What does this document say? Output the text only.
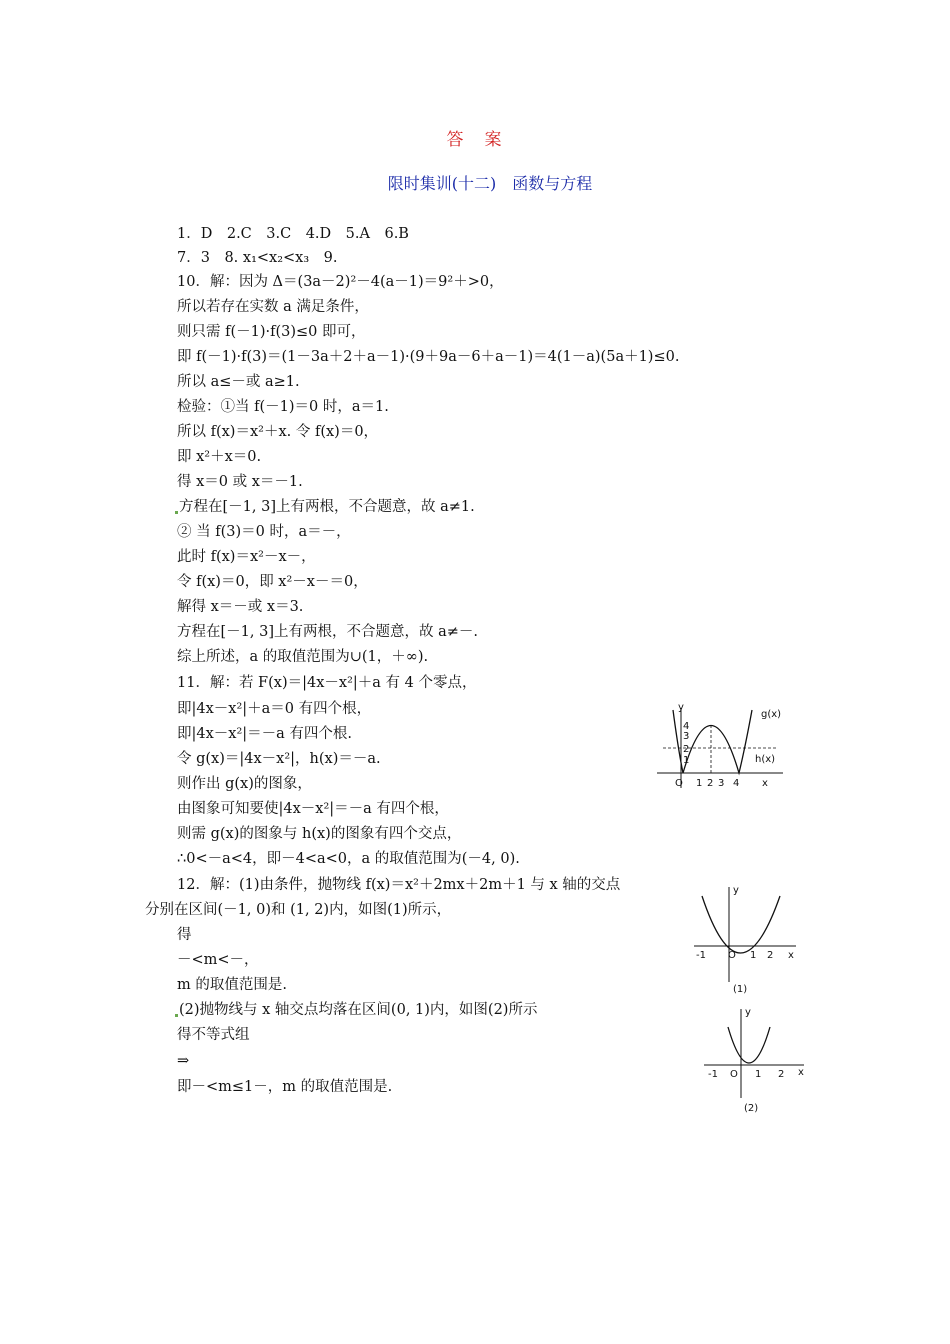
答　案
限时集训(十二)　函数与方程
1．D　2.C　3.C　4.D　5.A　6.B
7．3　8. x₁<x₂<x₃　9.
10．解：因为 Δ＝(3a－2)²－4(a－1)＝9²＋>0，
所以若存在实数 a 满足条件，
则只需 f(－1)·f(3)≤0 即可，
即 f(－1)·f(3)＝(1－3a＋2＋a－1)·(9＋9a－6＋a－1)＝4(1－a)(5a＋1)≤0.
所以 a≤－或 a≥1.
检验：①当 f(－1)＝0 时，a＝1.
所以 f(x)＝x²＋x. 令 f(x)＝0，
即 x²＋x＝0.
得 x＝0 或 x＝－1.
方程在[－1, 3]上有两根，不合题意，故 a≠1.
② 当 f(3)＝0 时，a＝－，
此时 f(x)＝x²－x－，
令 f(x)＝0，即 x²－x－＝0，
解得 x＝－或 x＝3.
方程在[－1, 3]上有两根，不合题意，故 a≠－.
综上所述，a 的取值范围为∪(1，＋∞).
11．解：若 F(x)＝|4x－x²|＋a 有 4 个零点，
即|4x－x²|＋a＝0 有四个根，
即|4x－x²|＝－a 有四个根.
令 g(x)＝|4x－x²|，h(x)＝－a.
则作出 g(x)的图象，
由图象可知要使|4x－x²|＝－a 有四个根，
则需 g(x)的图象与 h(x)的图象有四个交点，
∴0<－a<4，即－4<a<0，a 的取值范围为(－4, 0).
12．解：(1)由条件，抛物线 f(x)＝x²＋2mx＋2m＋1 与 x 轴的交点
分别在区间(－1, 0)和 (1, 2)内，如图(1)所示，
得
－<m<－，
m 的取值范围是.
(2)抛物线与 x 轴交点均落在区间(0, 1)内，如图(2)所示
得不等式组
⇒
即－<m≤1－，m 的取值范围是.
y
x
O
4
3
2
1
1 2 3 4
g(x)
h(x)
y
x
O
-1	1 2
(1)
y
x
O
-1	1 2
(2)
